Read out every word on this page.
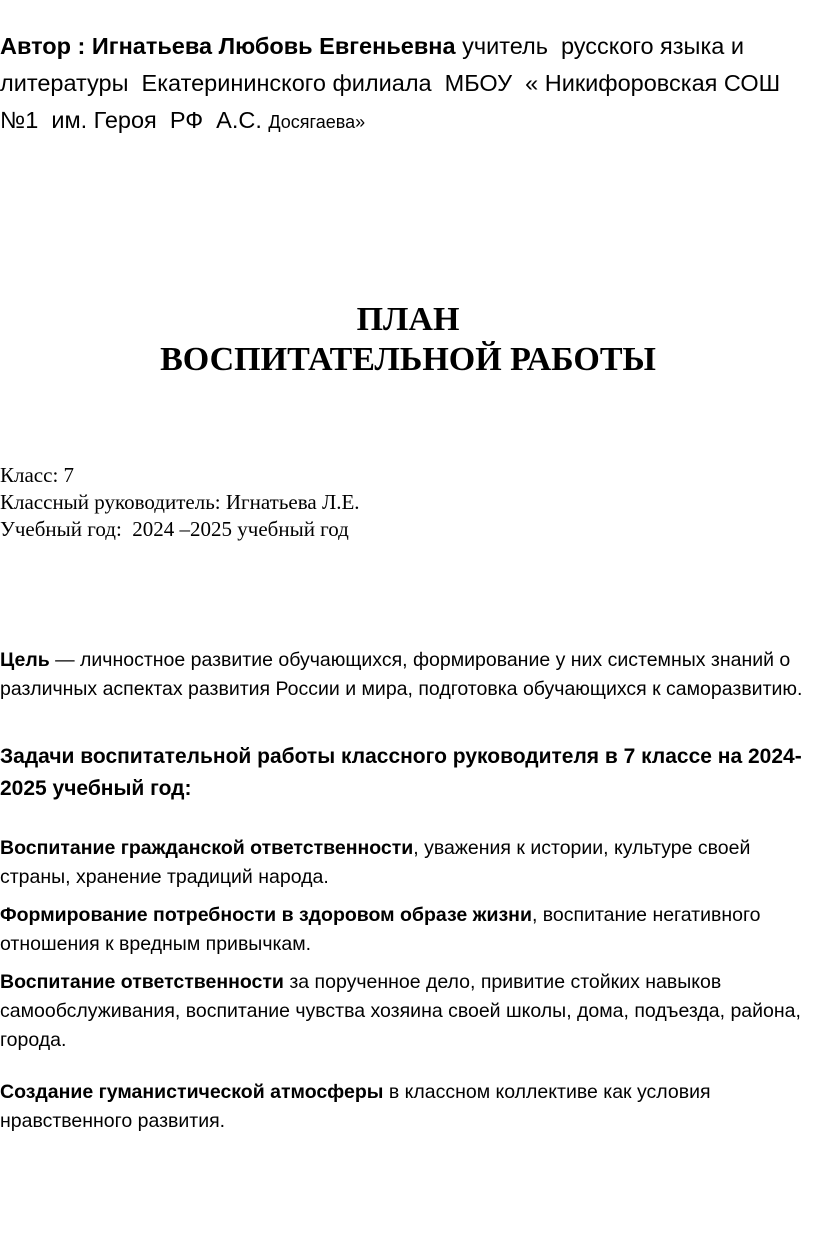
Автор : Игнатьева Любовь Евгеньевна учитель  русского языка и литературы  Екатерининского филиала  МБОУ  « Никифоровская СОШ  №1  им. Героя  РФ  А.С. Досягаева»
ПЛАН
ВОСПИТАТЕЛЬНОЙ РАБОТЫ
Класс: 7
Классный руководитель: Игнатьева Л.Е.
Учебный год:  2024 –2025 учебный год
Цель — личностное развитие обучающихся, формирование у них системных знаний о различных аспектах развития России и мира, подготовка обучающихся к саморазвитию.
Задачи воспитательной работы классного руководителя в 7 классе на 2024-2025 учебный год:
Воспитание гражданской ответственности, уважения к истории, культуре своей страны, хранение традиций народа.
Формирование потребности в здоровом образе жизни, воспитание негативного отношения к вредным привычкам.
Воспитание ответственности за порученное дело, привитие стойких навыков самообслуживания, воспитание чувства хозяина своей школы, дома, подъезда, района, города.
Создание гуманистической атмосферы в классном коллективе как условия нравственного развития.
